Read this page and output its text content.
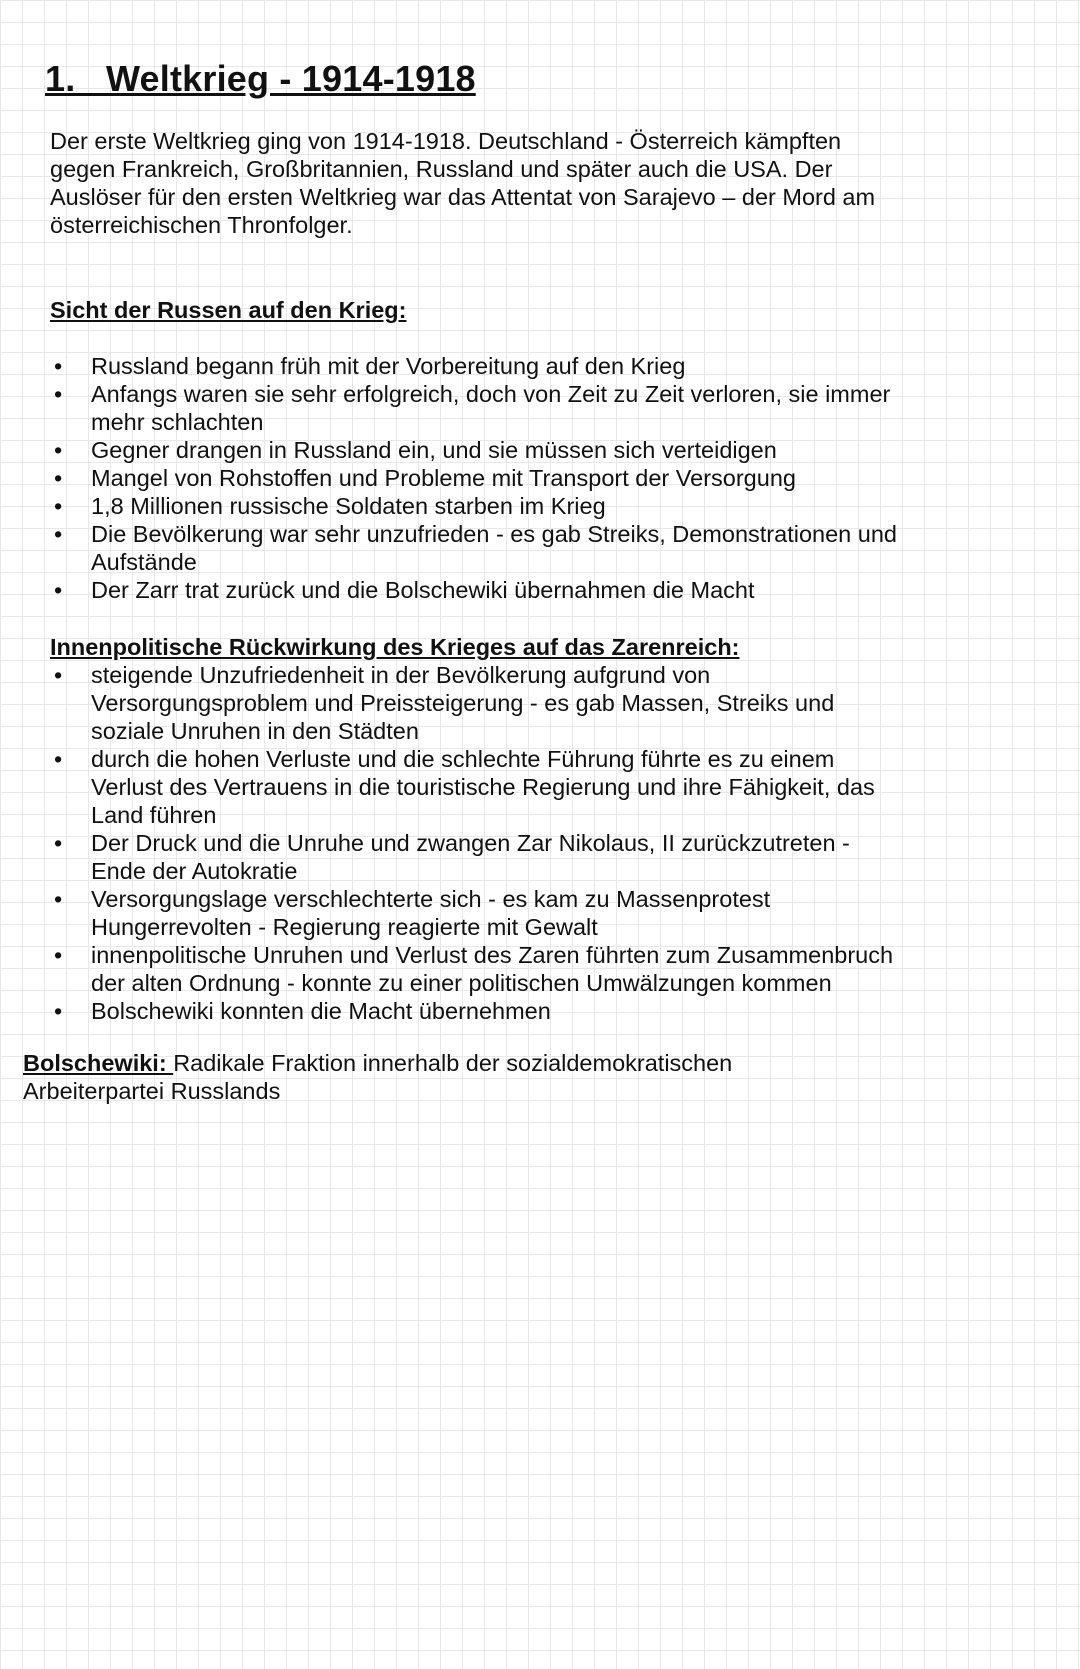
1.   Weltkrieg - 1914-1918
Der erste Weltkrieg ging von 1914-1918. Deutschland - Österreich kämpften
gegen Frankreich, Großbritannien, Russland und später auch die USA. Der
Auslöser für den ersten Weltkrieg war das Attentat von Sarajevo – der Mord am
österreichischen Thronfolger.
Sicht der Russen auf den Krieg:
• Russland begann früh mit der Vorbereitung auf den Krieg
• Anfangs waren sie sehr erfolgreich, doch von Zeit zu Zeit verloren, sie immer
mehr schlachten
• Gegner drangen in Russland ein, und sie müssen sich verteidigen
• Mangel von Rohstoffen und Probleme mit Transport der Versorgung
• 1,8 Millionen russische Soldaten starben im Krieg
• Die Bevölkerung war sehr unzufrieden - es gab Streiks, Demonstrationen und
Aufstände
• Der Zarr trat zurück und die Bolschewiki übernahmen die Macht
Innenpolitische Rückwirkung des Krieges auf das Zarenreich:
• steigende Unzufriedenheit in der Bevölkerung aufgrund von
Versorgungsproblem und Preissteigerung - es gab Massen, Streiks und
soziale Unruhen in den Städten
• durch die hohen Verluste und die schlechte Führung führte es zu einem
Verlust des Vertrauens in die touristische Regierung und ihre Fähigkeit, das
Land führen
• Der Druck und die Unruhe und zwangen Zar Nikolaus, II zurückzutreten -
Ende der Autokratie
• Versorgungslage verschlechterte sich - es kam zu Massenprotest
Hungerrevolten - Regierung reagierte mit Gewalt
• innenpolitische Unruhen und Verlust des Zaren führten zum Zusammenbruch
der alten Ordnung - konnte zu einer politischen Umwälzungen kommen
• Bolschewiki konnten die Macht übernehmen
Bolschewiki: Radikale Fraktion innerhalb der sozialdemokratischen
Arbeiterpartei Russlands
